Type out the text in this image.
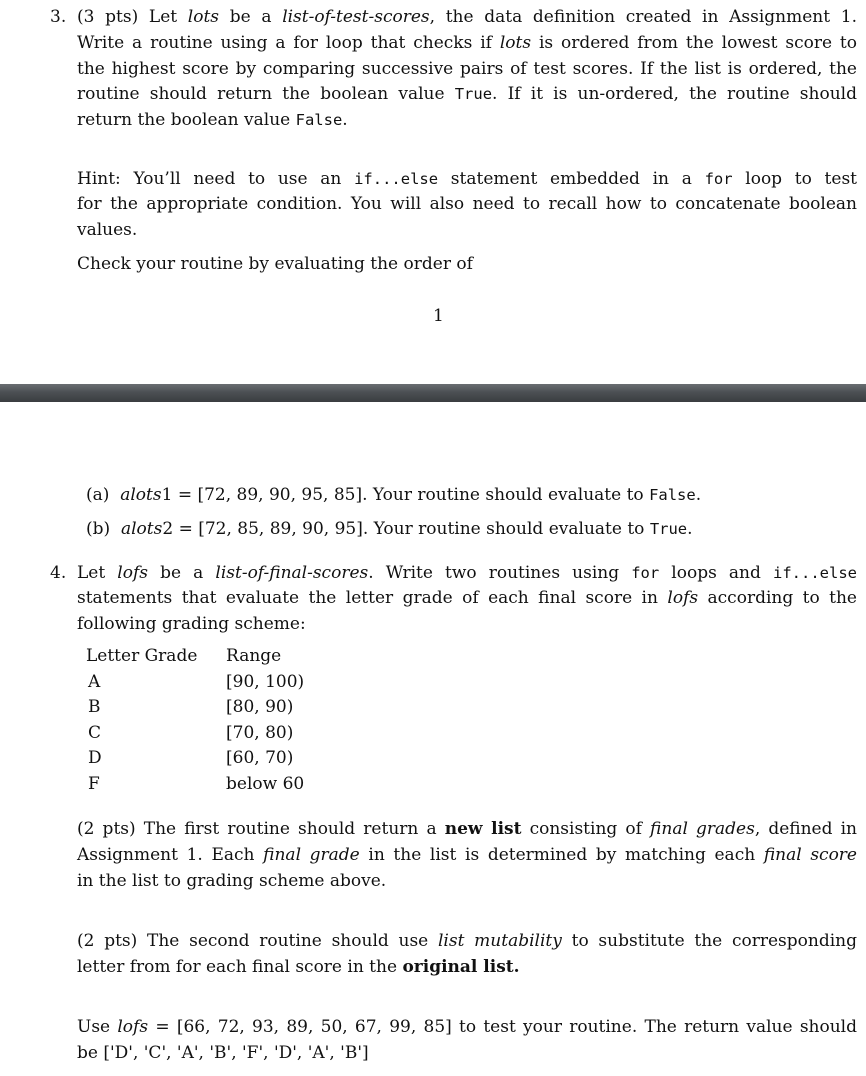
3. (3 pts) Let lots be a list-of-test-scores, the data definition created in Assignment 1.
Write a routine using a for loop that checks if lots is ordered from the lowest score to
the highest score by comparing successive pairs of test scores. If the list is ordered, the
routine should return the boolean value True. If it is un-ordered, the routine should
return the boolean value False.
Hint: You’ll need to use an if...else statement embedded in a for loop to test
for the appropriate condition. You will also need to recall how to concatenate boolean
values.
Check your routine by evaluating the order of
1
(a) alots1 = [72, 89, 90, 95, 85]. Your routine should evaluate to False.
(b) alots2 = [72, 85, 89, 90, 95]. Your routine should evaluate to True.
4. Let lofs be a list-of-final-scores. Write two routines using for loops and if...else
statements that evaluate the letter grade of each final score in lofs according to the
following grading scheme:
Letter Grade Range
A	[90, 100)
B	[80, 90)
C	[70, 80)
D	[60, 70)
F	below 60
(2 pts) The first routine should return a new list consisting of final grades, defined in
Assignment 1. Each final grade in the list is determined by matching each final score
in the list to grading scheme above.
(2 pts) The second routine should use list mutability to substitute the corresponding
letter from for each final score in the original list.
Use lofs = [66, 72, 93, 89, 50, 67, 99, 85] to test your routine. The return value should
be ['D', 'C', 'A', 'B', 'F', 'D', 'A', 'B']
